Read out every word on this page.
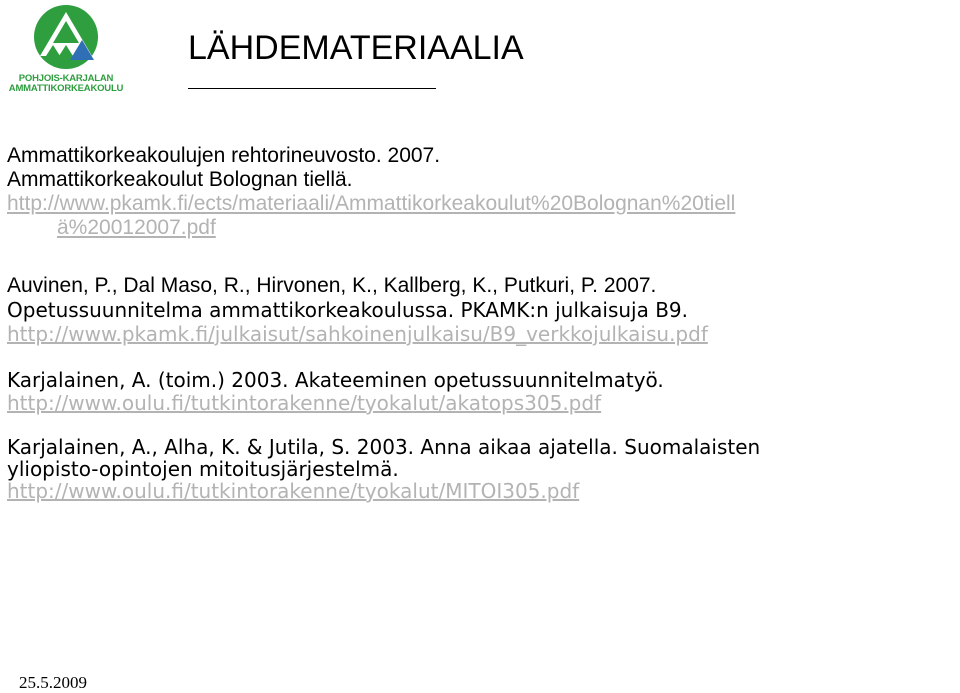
POHJOIS-KARJALAN
AMMATTIKORKEAKOULU
LÄHDEMATERIAALIA

Ammattikorkeakoulujen rehtorineuvosto. 2007.
Ammattikorkeakoulut Bolognan tiellä.
http://www.pkamk.fi/ects/materiaali/Ammattikorkeakoulut%20Bolognan%20tiell
ä%20012007.pdf

Auvinen, P., Dal Maso, R., Hirvonen, K., Kallberg, K., Putkuri, P. 2007.
Opetussuunnitelma ammattikorkeakoulussa. PKAMK:n julkaisuja B9.
http://www.pkamk.fi/julkaisut/sahkoinenjulkaisu/B9_verkkojulkaisu.pdf

Karjalainen, A. (toim.) 2003. Akateeminen opetussuunnitelmatyö.
http://www.oulu.fi/tutkintorakenne/tyokalut/akatops305.pdf

Karjalainen, A., Alha, K. & Jutila, S. 2003. Anna aikaa ajatella. Suomalaisten
yliopisto-opintojen mitoitusjärjestelmä.
http://www.oulu.fi/tutkintorakenne/tyokalut/MITOI305.pdf

25.5.2009
